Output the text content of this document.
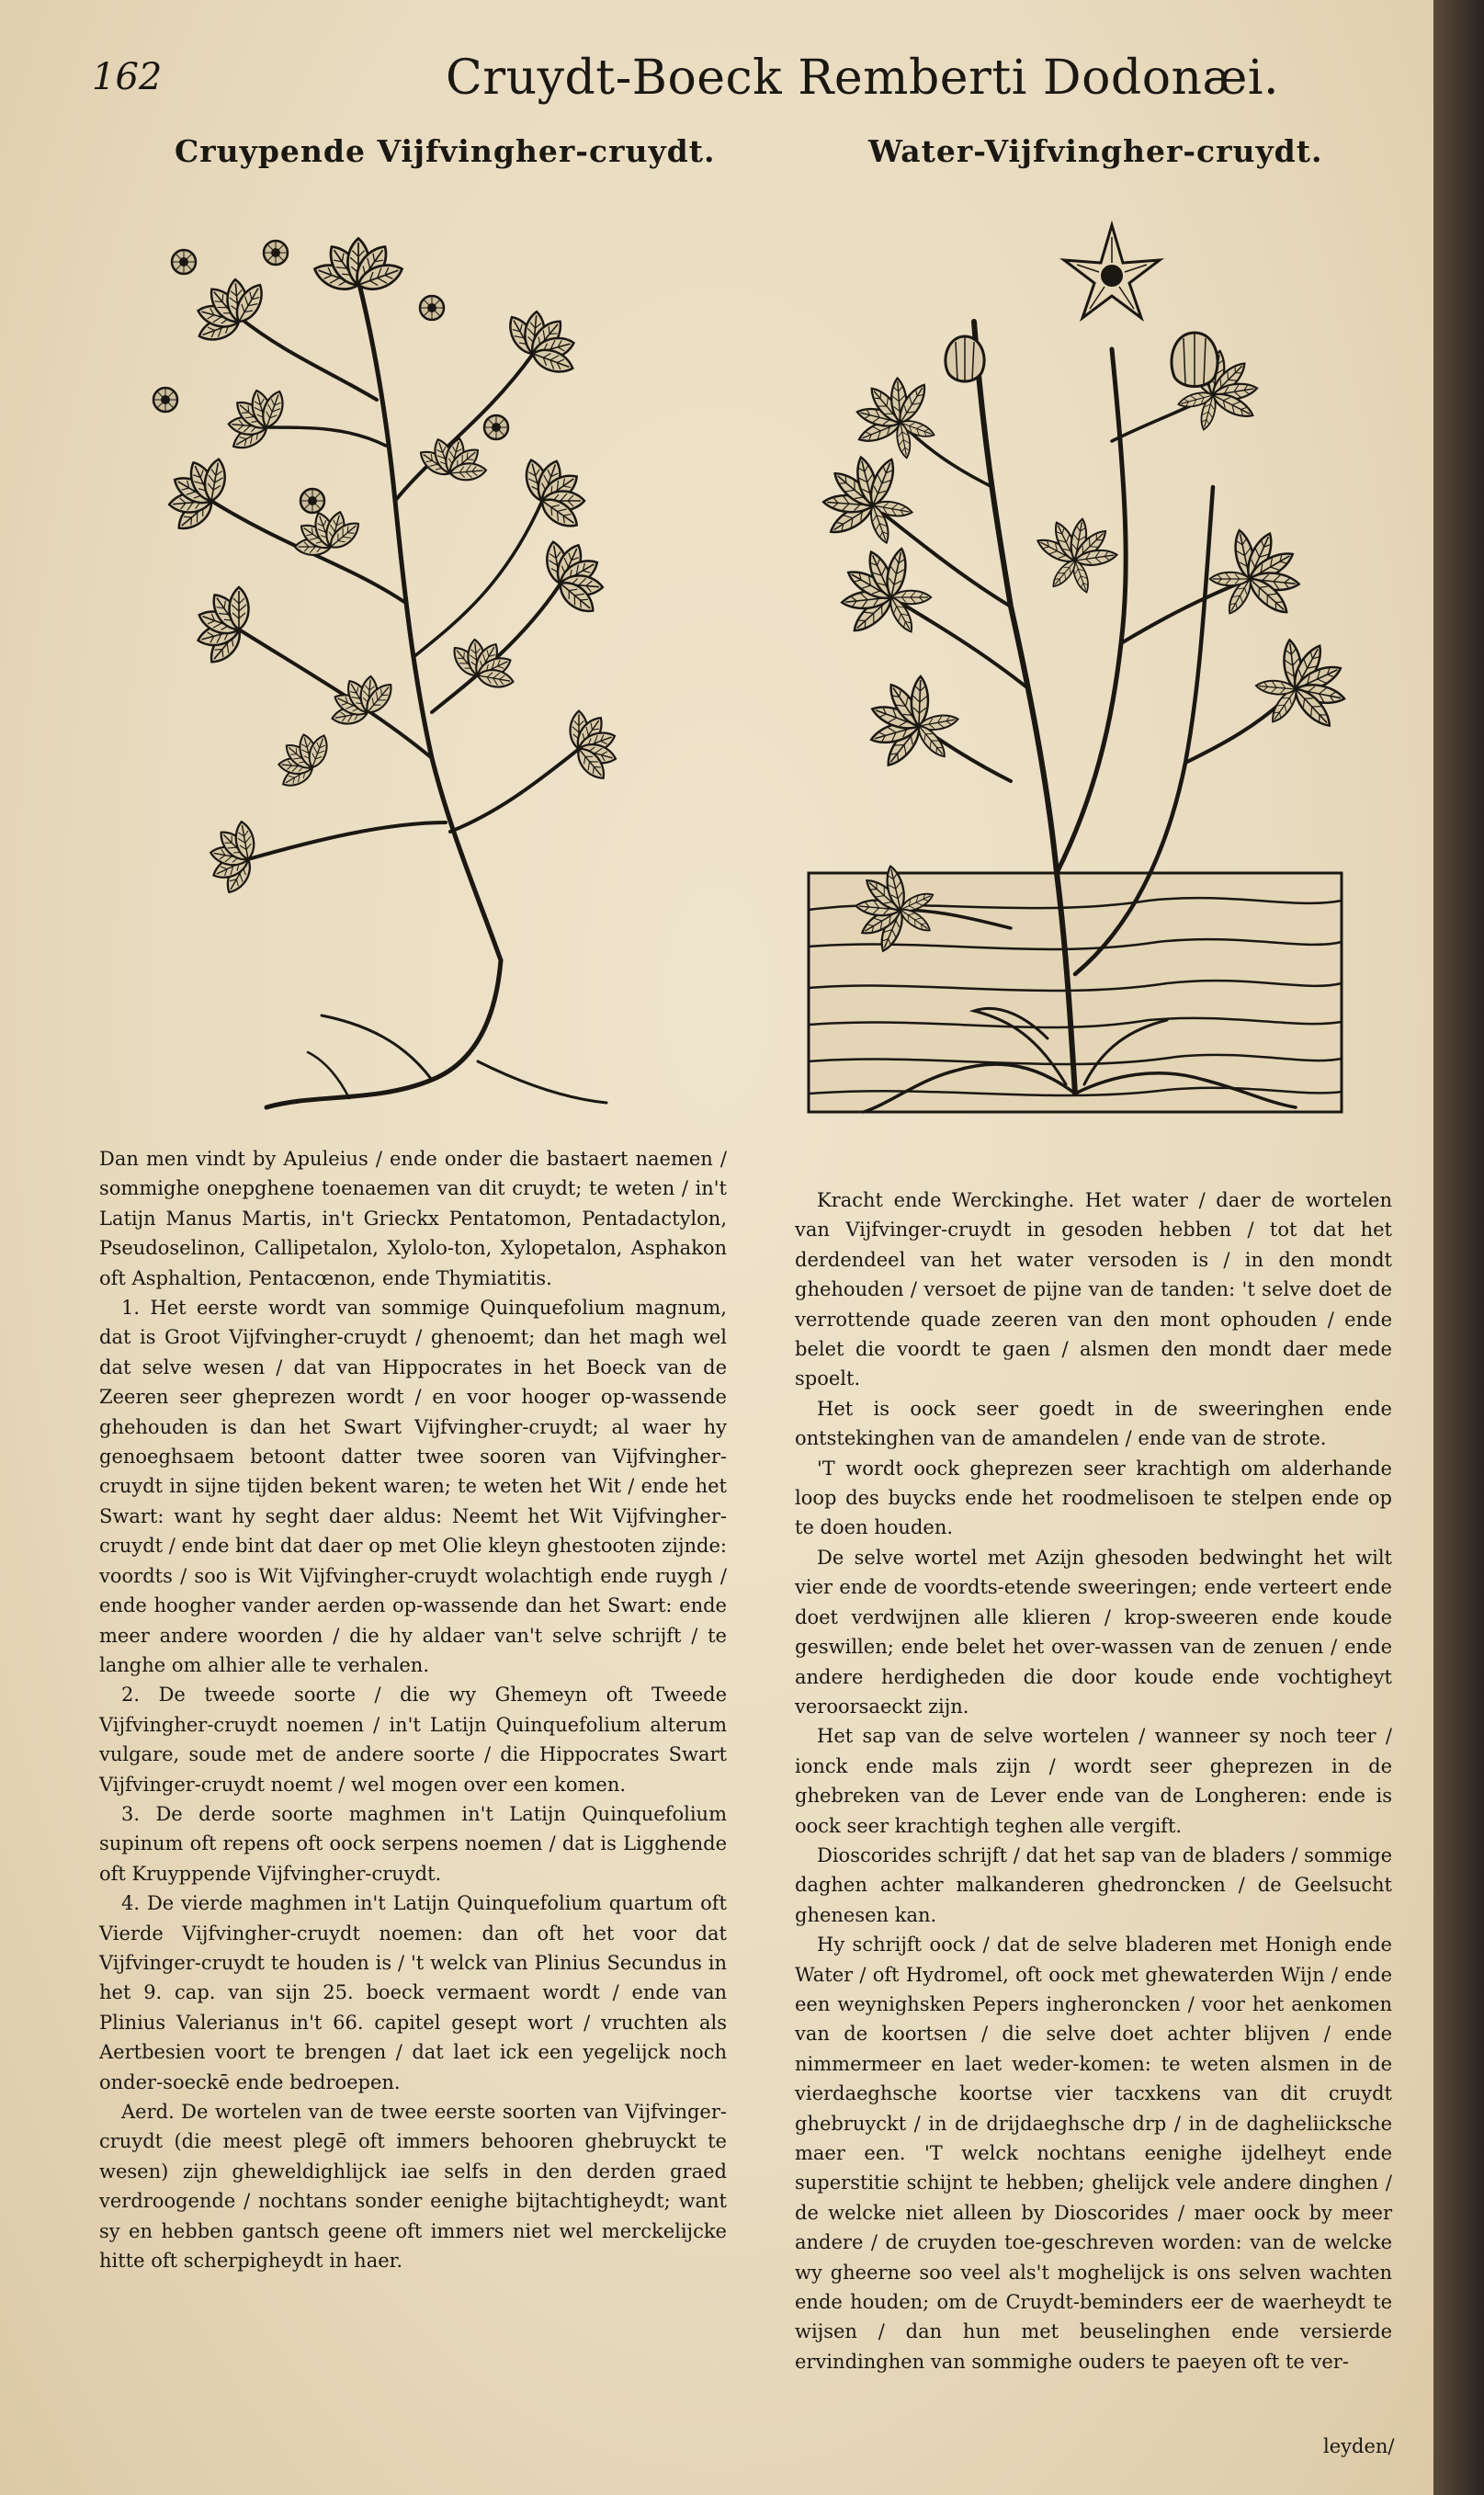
162	Cruydt-Boeck Remberti Dodonæi.
Cruypende Vijfvingher-cruydt.	Water-Vijfvingher-cruydt.

Dan men vindt by Apuleius / ende onder die bastaert naemen / sommighe onepghene toenaemen van dit cruydt; te weten / in't Latijn Manus Martis, in't Grieckx Pentatomon, Pentadactylon, Pseudoselinon, Callipetalon, Xylolo-ton, Xylopetalon, Asphakon oft Asphaltion, Pentacœnon, ende Thymiatitis.

1. Het eerste wordt van sommige Quinquefolium magnum, dat is Groot Vijfvingher-cruydt / ghenoemt; dan het magh wel dat selve wesen / dat van Hippocrates in het Boeck van de Zeeren seer gheprezen wordt / en voor hooger op-wassende ghehouden is dan het Swart Vijfvingher-cruydt; al waer hy genoeghsaem betoont datter twee sooren van Vijfvingher-cruydt in sijne tijden bekent waren; te weten het Wit / ende het Swart: want hy seght daer aldus: Neemt het Wit Vijfvingher-cruydt / ende bint dat daer op met Olie kleyn ghestooten zijnde: voordts / soo is Wit Vijfvingher-cruydt wolachtigh ende ruygh / ende hoogher vander aerden op-wassende dan het Swart: ende meer andere woorden / die hy aldaer van't selve schrijft / te langhe om alhier alle te verhalen.

2. De tweede soorte / die wy Ghemeyn oft Tweede Vijfvingher-cruydt noemen / in't Latijn Quinquefolium alterum vulgare, soude met de andere soorte / die Hippocrates Swart Vijfvinger-cruydt noemt / wel mogen over een komen.

3. De derde soorte maghmen in't Latijn Quinquefolium supinum oft repens oft oock serpens noemen / dat is Ligghende oft Kruyppende Vijfvingher-cruydt.

4. De vierde maghmen in't Latijn Quinquefolium quartum oft Vierde Vijfvingher-cruydt noemen: dan oft het voor dat Vijfvinger-cruydt te houden is / 't welck van Plinius Secundus in het 9. cap. van sijn 25. boeck vermaent wordt / ende van Plinius Valerianus in't 66. capitel gesept wort / vruchten als Aertbesien voort te brengen / dat laet ick een yegelijck noch onder-soeckē ende bedroepen.

Aerd. De wortelen van de twee eerste soorten van Vijfvinger-cruydt (die meest plegē oft immers behooren ghebruyckt te wesen) zijn gheweldighlijck iae selfs in den derden graed verdroogende / nochtans sonder eenighe bijtachtigheydt; want sy en hebben gantsch geene oft immers niet wel merckelijcke hitte oft scherpigheydt in haer.

Kracht ende Werckinghe. Het water / daer de wortelen van Vijfvinger-cruydt in gesoden hebben / tot dat het derdendeel van het water versoden is / in den mondt ghehouden / versoet de pijne van de tanden: 't selve doet de verrottende quade zeeren van den mont ophouden / ende belet die voordt te gaen / alsmen den mondt daer mede spoelt.

Het is oock seer goedt in de sweeringhen ende ontstekinghen van de amandelen / ende van de strote.

'T wordt oock gheprezen seer krachtigh om alderhande loop des buycks ende het roodmelisoen te stelpen ende op te doen houden.

De selve wortel met Azijn ghesoden bedwinght het wilt vier ende de voordts-etende sweeringen; ende verteert ende doet verdwijnen alle klieren / krop-sweeren ende koude geswillen; ende belet het over-wassen van de zenuen / ende andere herdigheden die door koude ende vochtigheyt veroorsaeckt zijn.

Het sap van de selve wortelen / wanneer sy noch teer / ionck ende mals zijn / wordt seer gheprezen in de ghebreken van de Lever ende van de Longheren: ende is oock seer krachtigh teghen alle vergift.

Dioscorides schrijft / dat het sap van de bladers / sommige daghen achter malkanderen ghedroncken / de Geelsucht ghenesen kan.

Hy schrijft oock / dat de selve bladeren met Honigh ende Water / oft Hydromel, oft oock met ghewaterden Wijn / ende een weynighsken Pepers ingheroncken / voor het aenkomen van de koortsen / die selve doet achter blijven / ende nimmermeer en laet weder-komen: te weten alsmen in de vierdaeghsche koortse vier tacxkens van dit cruydt ghebruyckt / in de drijdaeghsche drp / in de dagheliicksche maer een. 'T welck nochtans eenighe ijdelheyt ende superstitie schijnt te hebben; ghelijck vele andere dinghen / de welcke niet alleen by Dioscorides / maer oock by meer andere / de cruyden toe-geschreven worden: van de welcke wy gheerne soo veel als't moghelijck is ons selven wachten ende houden; om de Cruydt-beminders eer de waerheydt te wijsen / dan hun met beuselinghen ende versierde ervindinghen van sommighe ouders te paeyen oft te ver-

leyden/
